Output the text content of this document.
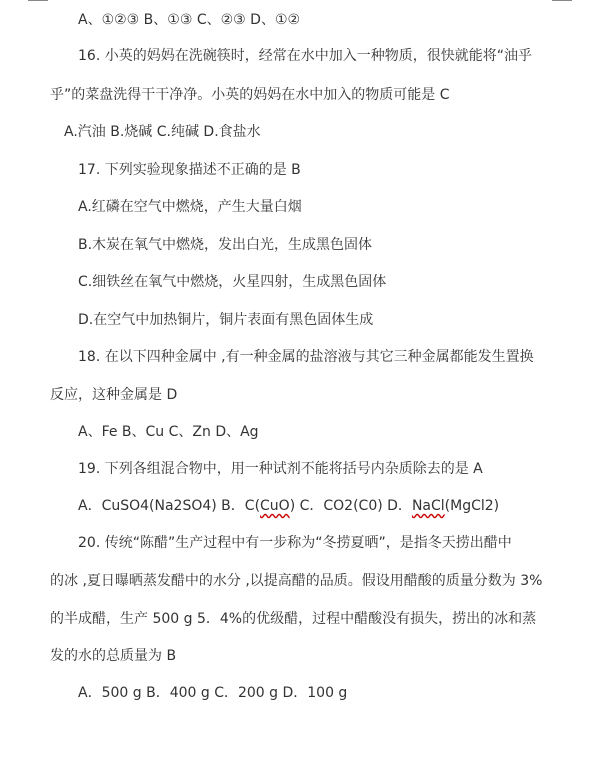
A、①②③ B、①③ C、②③ D、①②
16. 小英的妈妈在洗碗筷时，经常在水中加入一种物质，很快就能将“油乎
乎”的菜盘洗得干干净净。小英的妈妈在水中加入的物质可能是 C
A.汽油 B.烧碱 C.纯碱 D.食盐水
17. 下列实验现象描述不正确的是 B
A.红磷在空气中燃烧，产生大量白烟
B.木炭在氧气中燃烧，发出白光，生成黑色固体
C.细铁丝在氧气中燃烧，火星四射，生成黑色固体
D.在空气中加热铜片，铜片表面有黑色固体生成
18. 在以下四种金属中 ,有一种金属的盐溶液与其它三种金属都能发生置换
反应，这种金属是 D
A、Fe B、Cu C、Zn D、Ag
19. 下列各组混合物中，用一种试剂不能将括号内杂质除去的是 A
A．CuSO4(Na2SO4) B．C(CuO) C．CO2(C0) D．NaCl(MgCl2)
20. 传统“陈醋”生产过程中有一步称为“冬捞夏晒”，是指冬天捞出醋中
的冰 ,夏日曝晒蒸发醋中的水分 ,以提高醋的品质。假设用醋酸的质量分数为 3%
的半成醋，生产 500 g 5．4%的优级醋，过程中醋酸没有损失，捞出的冰和蒸
发的水的总质量为 B
A．500 g B．400 g C．200 g D．100 g
